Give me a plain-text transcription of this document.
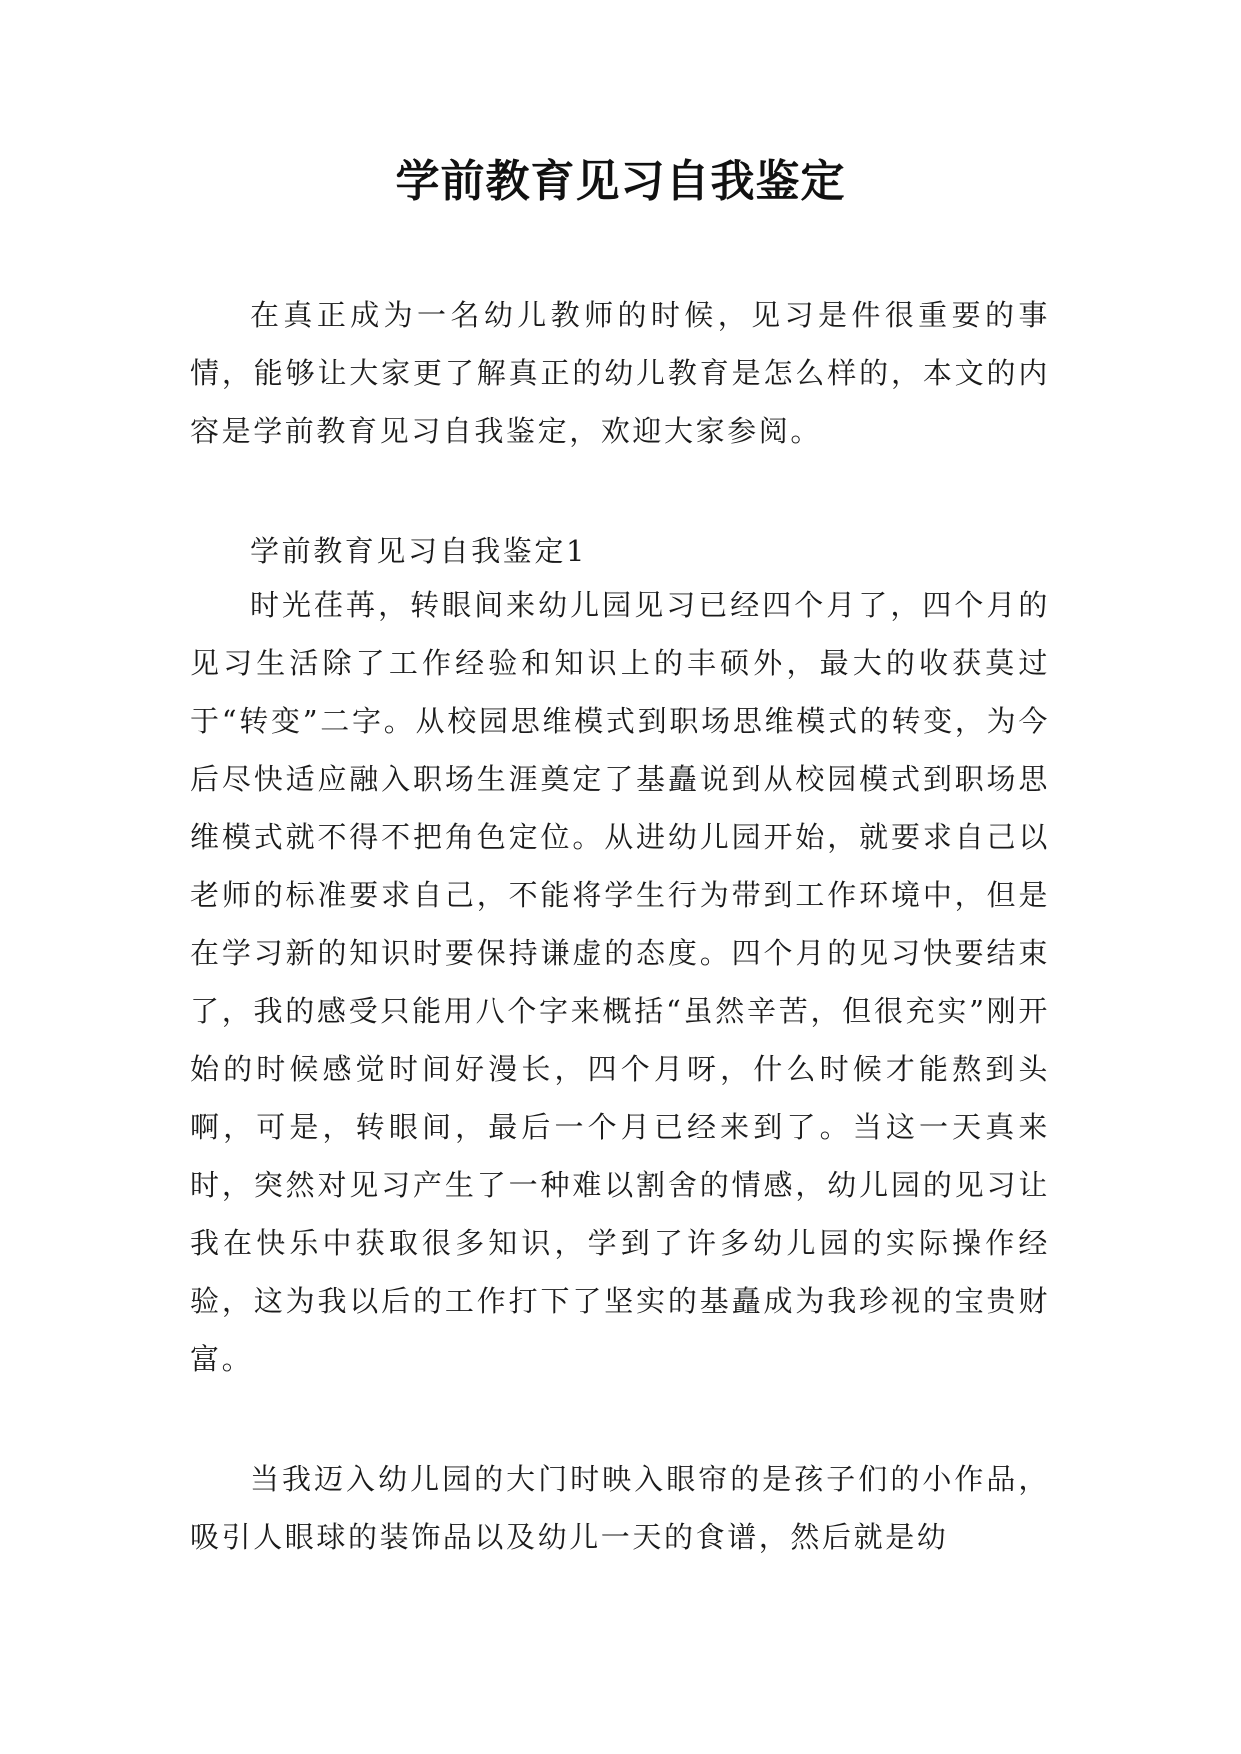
学前教育见习自我鉴定

在真正成为一名幼儿教师的时候，见习是件很重要的事情，能够让大家更了解真正的幼儿教育是怎么样的，本文的内容是学前教育见习自我鉴定，欢迎大家参阅。

学前教育见习自我鉴定1

时光荏苒，转眼间来幼儿园见习已经四个月了，四个月的见习生活除了工作经验和知识上的丰硕外，最大的收获莫过于“转变”二字。从校园思维模式到职场思维模式的转变，为今后尽快适应融入职场生涯奠定了基矗说到从校园模式到职场思维模式就不得不把角色定位。从进幼儿园开始，就要求自己以老师的标准要求自己，不能将学生行为带到工作环境中，但是在学习新的知识时要保持谦虚的态度。四个月的见习快要结束了，我的感受只能用八个字来概括“虽然辛苦，但很充实”刚开始的时候感觉时间好漫长，四个月呀，什么时候才能熬到头啊，可是，转眼间，最后一个月已经来到了。当这一天真来时，突然对见习产生了一种难以割舍的情感，幼儿园的见习让我在快乐中获取很多知识，学到了许多幼儿园的实际操作经验，这为我以后的工作打下了坚实的基矗成为我珍视的宝贵财富。

当我迈入幼儿园的大门时映入眼帘的是孩子们的小作品，吸引人眼球的装饰品以及幼儿一天的食谱，然后就是幼
